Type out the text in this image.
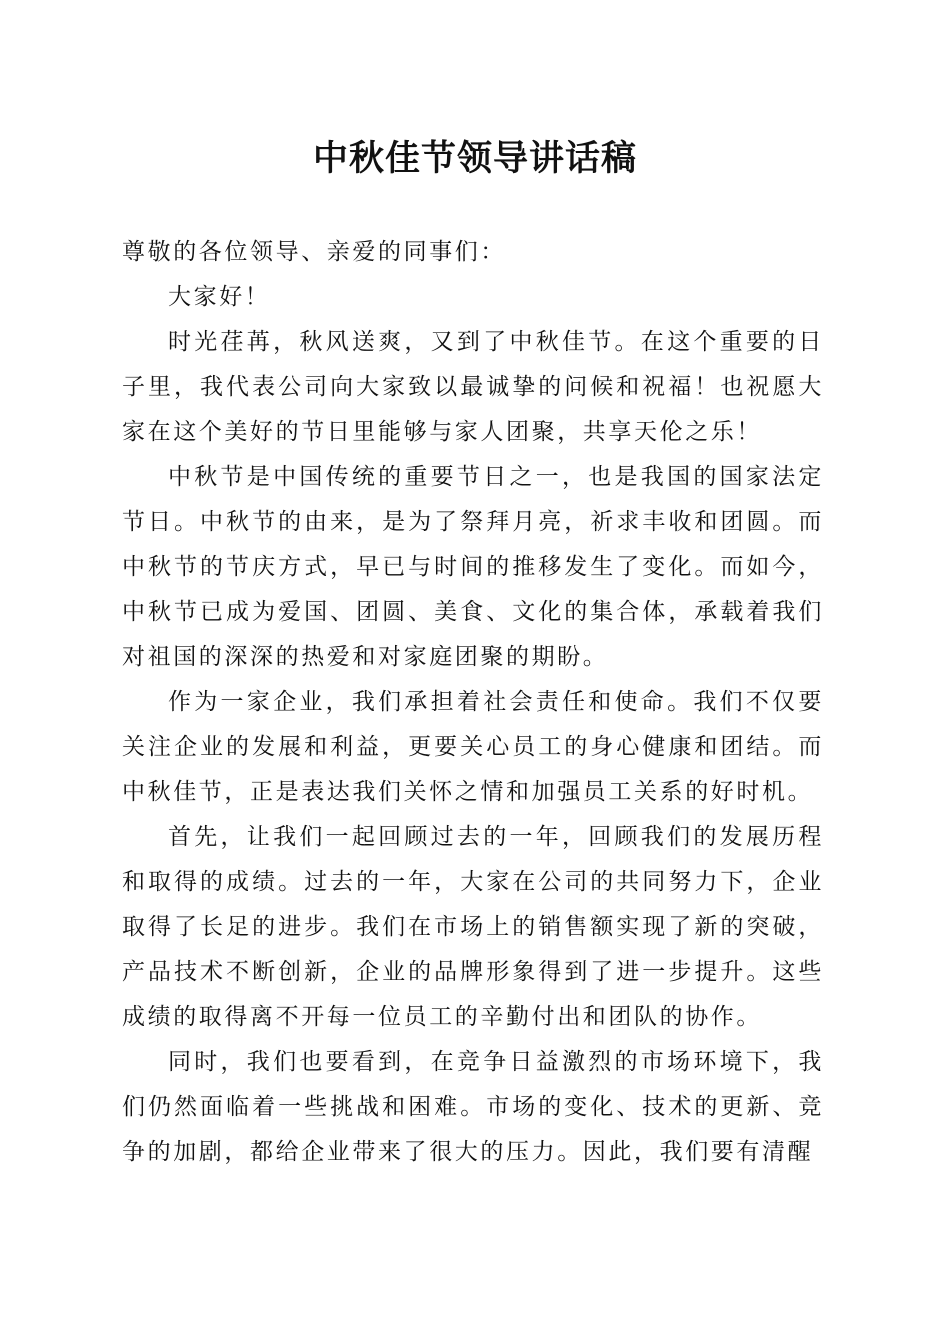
中秋佳节领导讲话稿

尊敬的各位领导、亲爱的同事们：

大家好！

时光荏苒，秋风送爽，又到了中秋佳节。在这个重要的日子里，我代表公司向大家致以最诚挚的问候和祝福！也祝愿大家在这个美好的节日里能够与家人团聚，共享天伦之乐！

中秋节是中国传统的重要节日之一，也是我国的国家法定节日。中秋节的由来，是为了祭拜月亮，祈求丰收和团圆。而中秋节的节庆方式，早已与时间的推移发生了变化。而如今，中秋节已成为爱国、团圆、美食、文化的集合体，承载着我们对祖国的深深的热爱和对家庭团聚的期盼。

作为一家企业，我们承担着社会责任和使命。我们不仅要关注企业的发展和利益，更要关心员工的身心健康和团结。而中秋佳节，正是表达我们关怀之情和加强员工关系的好时机。

首先，让我们一起回顾过去的一年，回顾我们的发展历程和取得的成绩。过去的一年，大家在公司的共同努力下，企业取得了长足的进步。我们在市场上的销售额实现了新的突破，产品技术不断创新，企业的品牌形象得到了进一步提升。这些成绩的取得离不开每一位员工的辛勤付出和团队的协作。

同时，我们也要看到，在竞争日益激烈的市场环境下，我们仍然面临着一些挑战和困难。市场的变化、技术的更新、竞争的加剧，都给企业带来了很大的压力。因此，我们要有清醒
